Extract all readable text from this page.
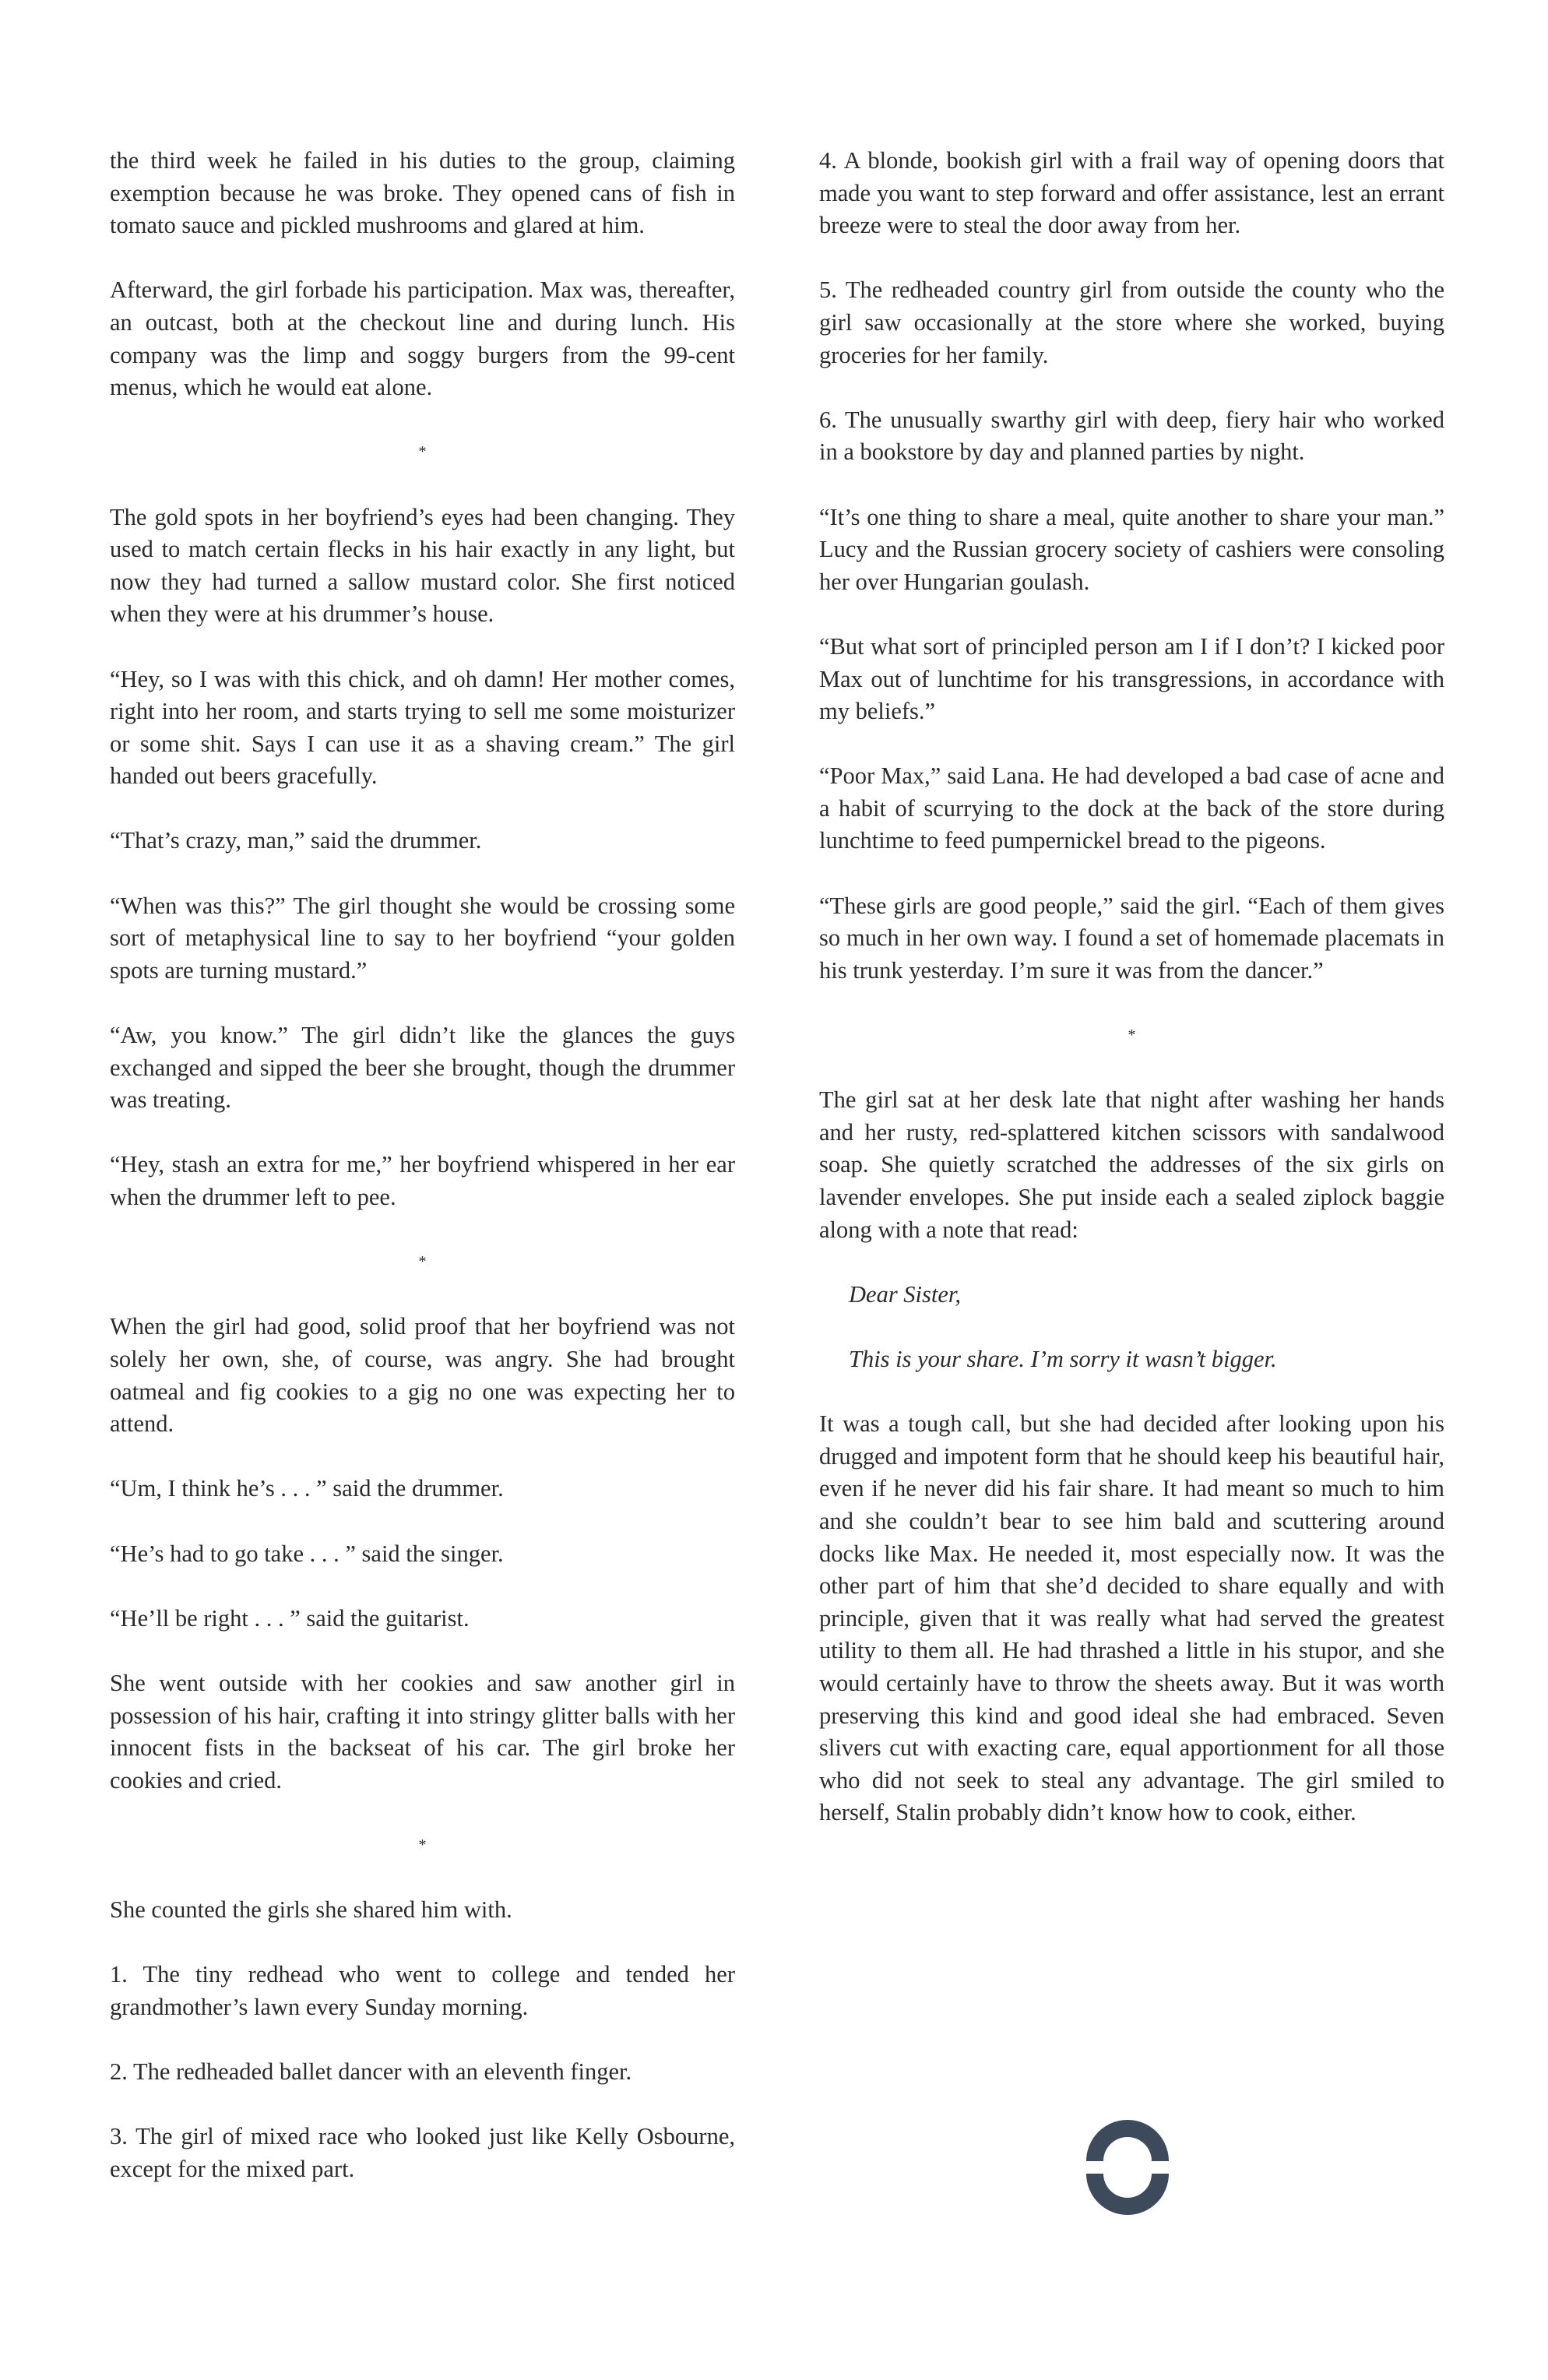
the third week he failed in his duties to the group, claiming exemption because he was broke. They opened cans of fish in tomato sauce and pickled mushrooms and glared at him.

Afterward, the girl forbade his participation. Max was, thereafter, an outcast, both at the checkout line and during lunch. His company was the limp and soggy burgers from the 99-cent menus, which he would eat alone.

*

The gold spots in her boyfriend’s eyes had been changing. They used to match certain flecks in his hair exactly in any light, but now they had turned a sallow mustard color. She first noticed when they were at his drummer’s house.

“Hey, so I was with this chick, and oh damn! Her mother comes, right into her room, and starts trying to sell me some moisturizer or some shit. Says I can use it as a shaving cream.” The girl handed out beers gracefully.

“That’s crazy, man,” said the drummer.

“When was this?” The girl thought she would be crossing some sort of metaphysical line to say to her boyfriend “your golden spots are turning mustard.”

“Aw, you know.” The girl didn’t like the glances the guys exchanged and sipped the beer she brought, though the drummer was treating.

“Hey, stash an extra for me,” her boyfriend whispered in her ear when the drummer left to pee.

*

When the girl had good, solid proof that her boyfriend was not solely her own, she, of course, was angry. She had brought oatmeal and fig cookies to a gig no one was expecting her to attend.

“Um, I think he’s . . . ” said the drummer.

“He’s had to go take . . . ” said the singer.

“He’ll be right . . . ” said the guitarist.

She went outside with her cookies and saw another girl in possession of his hair, crafting it into stringy glitter balls with her innocent fists in the backseat of his car. The girl broke her cookies and cried.

*

She counted the girls she shared him with.

1. The tiny redhead who went to college and tended her grandmother’s lawn every Sunday morning.

2. The redheaded ballet dancer with an eleventh finger.

3. The girl of mixed race who looked just like Kelly Osbourne, except for the mixed part.

4. A blonde, bookish girl with a frail way of opening doors that made you want to step forward and offer assistance, lest an errant breeze were to steal the door away from her.

5. The redheaded country girl from outside the county who the girl saw occasionally at the store where she worked, buying groceries for her family.

6. The unusually swarthy girl with deep, fiery hair who worked in a bookstore by day and planned parties by night.

“It’s one thing to share a meal, quite another to share your man.” Lucy and the Russian grocery society of cashiers were consoling her over Hungarian goulash.

“But what sort of principled person am I if I don’t? I kicked poor Max out of lunchtime for his transgressions, in accordance with my beliefs.”

“Poor Max,” said Lana. He had developed a bad case of acne and a habit of scurrying to the dock at the back of the store during lunchtime to feed pumpernickel bread to the pigeons.

“These girls are good people,” said the girl. “Each of them gives so much in her own way. I found a set of homemade placemats in his trunk yesterday. I’m sure it was from the dancer.”

*

The girl sat at her desk late that night after washing her hands and her rusty, red-splattered kitchen scissors with sandalwood soap. She quietly scratched the addresses of the six girls on lavender envelopes. She put inside each a sealed ziplock baggie along with a note that read:

Dear Sister,

This is your share. I’m sorry it wasn’t bigger.

It was a tough call, but she had decided after looking upon his drugged and impotent form that he should keep his beautiful hair, even if he never did his fair share. It had meant so much to him and she couldn’t bear to see him bald and scuttering around docks like Max. He needed it, most especially now. It was the other part of him that she’d decided to share equally and with principle, given that it was really what had served the greatest utility to them all. He had thrashed a little in his stupor, and she would certainly have to throw the sheets away. But it was worth preserving this kind and good ideal she had embraced. Seven slivers cut with exacting care, equal apportionment for all those who did not seek to steal any advantage. The girl smiled to herself, Stalin probably didn’t know how to cook, either.
